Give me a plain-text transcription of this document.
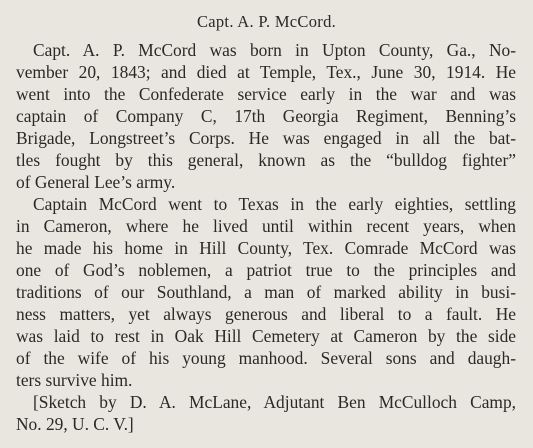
Capt. A. P. McCord.
Capt. A. P. McCord was born in Upton County, Ga., No-
vember 20, 1843; and died at Temple, Tex., June 30, 1914. He
went into the Confederate service early in the war and was
captain of Company C, 17th Georgia Regiment, Benning’s
Brigade, Longstreet’s Corps. He was engaged in all the bat-
tles fought by this general, known as the “bulldog fighter”
of General Lee’s army.
Captain McCord went to Texas in the early eighties, settling
in Cameron, where he lived until within recent years, when
he made his home in Hill County, Tex. Comrade McCord was
one of God’s noblemen, a patriot true to the principles and
traditions of our Southland, a man of marked ability in busi-
ness matters, yet always generous and liberal to a fault. He
was laid to rest in Oak Hill Cemetery at Cameron by the side
of the wife of his young manhood. Several sons and daugh-
ters survive him.
[Sketch by D. A. McLane, Adjutant Ben McCulloch Camp,
No. 29, U. C. V.]
